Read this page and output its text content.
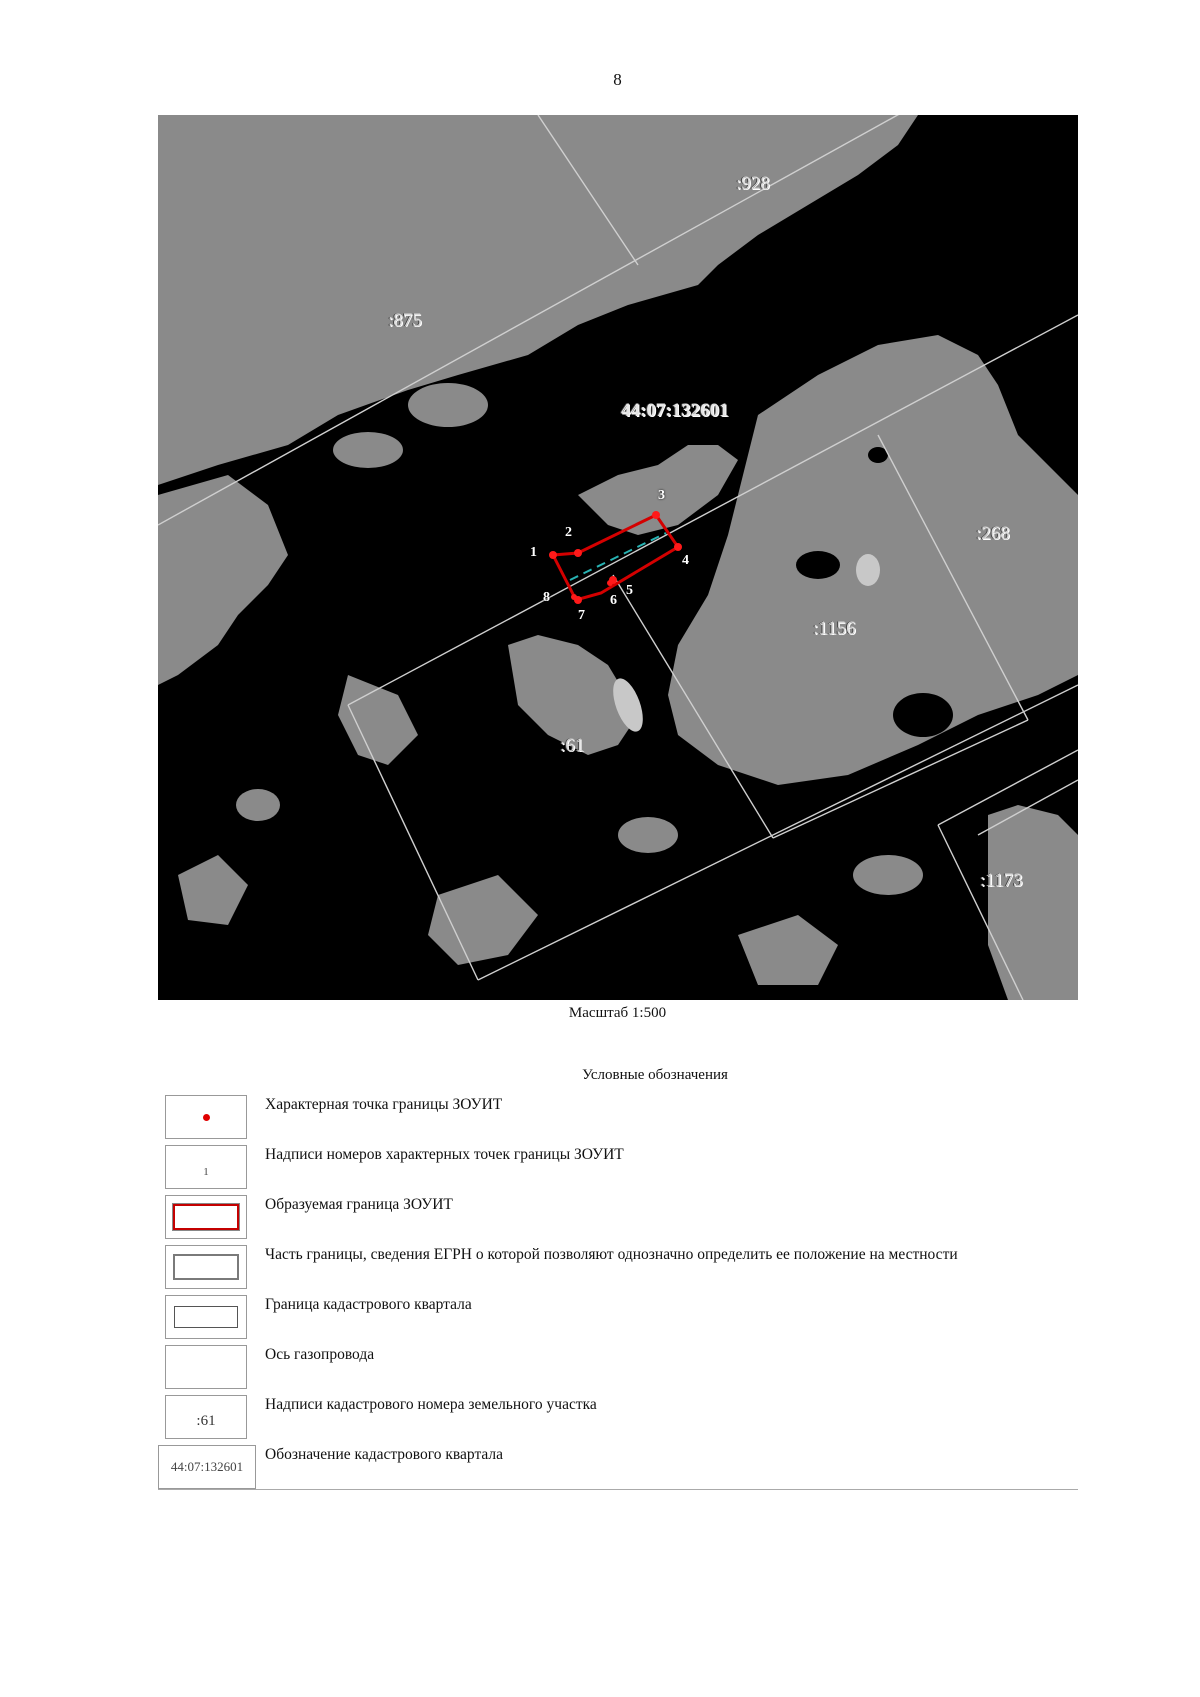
8
:928
:875
44:07:132601
:268
:1156
:61
:1173
1
2
3
4
5
6
7
8
Масштаб 1:500
Условные обозначения
Характерная точка границы ЗОУИТ
1
Надписи номеров характерных точек границы ЗОУИТ
Образуемая граница ЗОУИТ
Часть границы, сведения ЕГРН о которой позволяют однозначно определить ее положение на местности
Граница кадастрового квартала
Ось газопровода
:61
Надписи кадастрового номера земельного участка
44:07:132601
Обозначение кадастрового квартала
